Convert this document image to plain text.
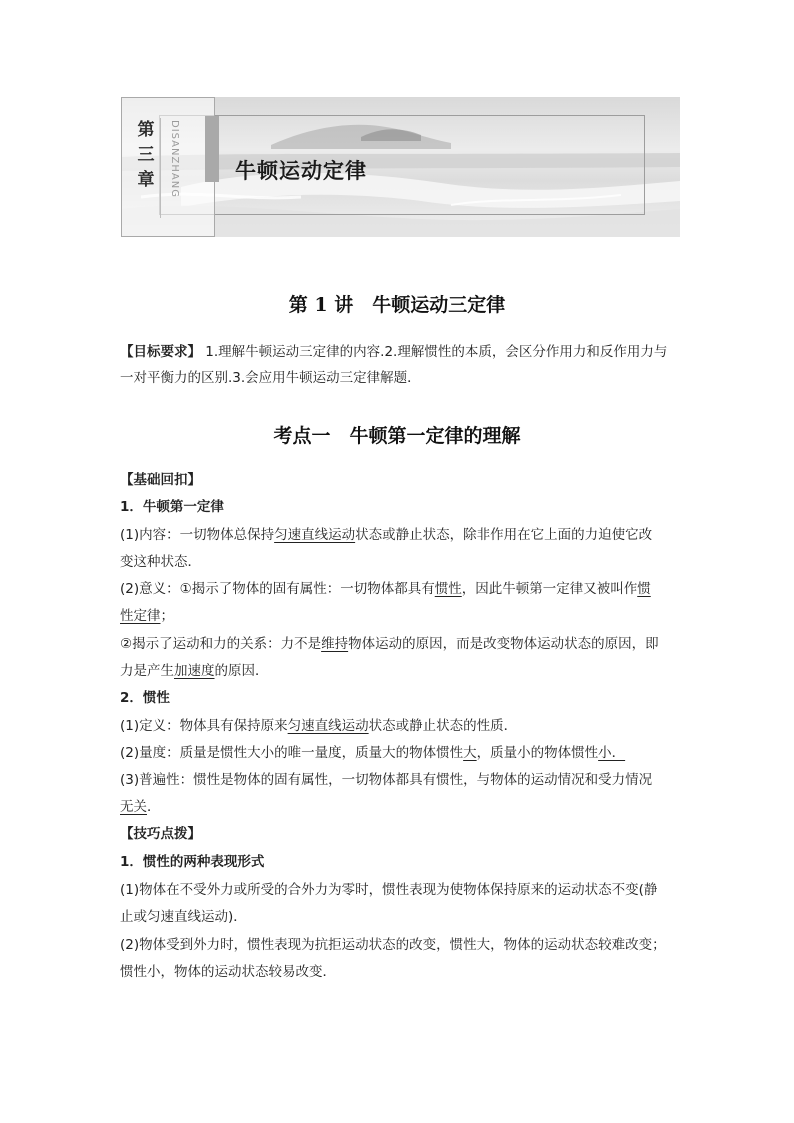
第
三
章	DISANZHANG	牛顿运动定律
第 1 讲　牛顿运动三定律
【目标要求】 1.理解牛顿运动三定律的内容.2.理解惯性的本质，会区分作用力和反作用力与
一对平衡力的区别.3.会应用牛顿运动三定律解题．
考点一　牛顿第一定律的理解
【基础回扣】
1．牛顿第一定律
(1)内容：一切物体总保持匀速直线运动状态或静止状态，除非作用在它上面的力迫使它改
变这种状态．
(2)意义：①揭示了物体的固有属性：一切物体都具有惯性，因此牛顿第一定律又被叫作惯
性定律；
②揭示了运动和力的关系：力不是维持物体运动的原因，而是改变物体运动状态的原因，即
力是产生加速度的原因．
2．惯性
(1)定义：物体具有保持原来匀速直线运动状态或静止状态的性质．
(2)量度：质量是惯性大小的唯一量度，质量大的物体惯性大，质量小的物体惯性小．
(3)普遍性：惯性是物体的固有属性，一切物体都具有惯性，与物体的运动情况和受力情况
无关．
【技巧点拨】
1．惯性的两种表现形式
(1)物体在不受外力或所受的合外力为零时，惯性表现为使物体保持原来的运动状态不变(静
止或匀速直线运动)．
(2)物体受到外力时，惯性表现为抗拒运动状态的改变，惯性大，物体的运动状态较难改变；
惯性小，物体的运动状态较易改变．
